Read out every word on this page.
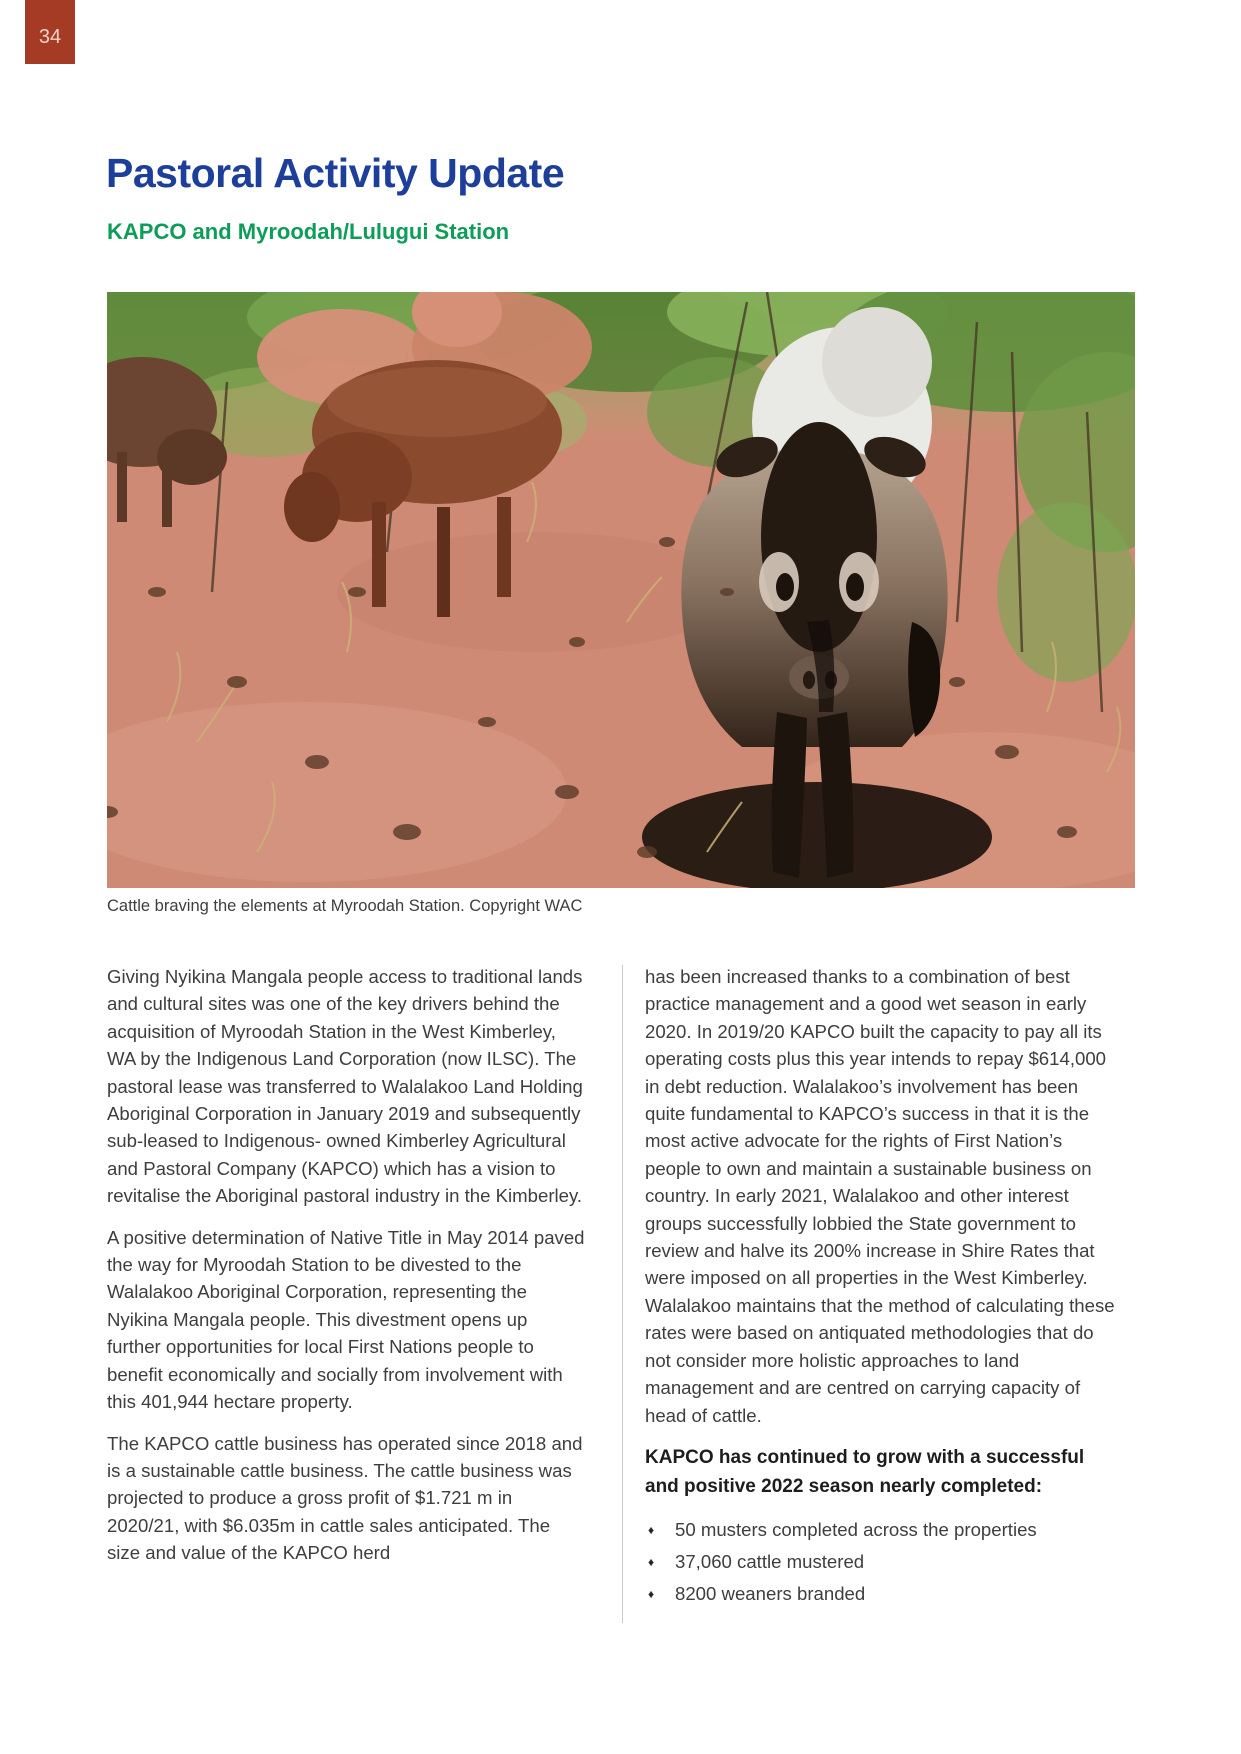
34
Pastoral Activity Update
KAPCO and Myroodah/Lulugui Station
Cattle braving the elements at Myroodah Station. Copyright WAC

Giving Nyikina Mangala people access to traditional lands and cultural sites was one of the key drivers behind the acquisition of Myroodah Station in the West Kimberley, WA by the Indigenous Land Corporation (now ILSC). The pastoral lease was transferred to Walalakoo Land Holding Aboriginal Corporation in January 2019 and subsequently sub-leased to Indigenous- owned Kimberley Agricultural and Pastoral Company (KAPCO) which has a vision to revitalise the Aboriginal pastoral industry in the Kimberley.

A positive determination of Native Title in May 2014 paved the way for Myroodah Station to be divested to the Walalakoo Aboriginal Corporation, representing the Nyikina Mangala people. This divestment opens up further opportunities for local First Nations people to benefit economically and socially from involvement with this 401,944 hectare property.

The KAPCO cattle business has operated since 2018 and is a sustainable cattle business. The cattle business was projected to produce a gross profit of $1.721 m in 2020/21, with $6.035m in cattle sales anticipated. The size and value of the KAPCO herd

has been increased thanks to a combination of best practice management and a good wet season in early 2020. In 2019/20 KAPCO built the capacity to pay all its operating costs plus this year intends to repay $614,000 in debt reduction. Walalakoo’s involvement has been quite fundamental to KAPCO’s success in that it is the most active advocate for the rights of First Nation’s people to own and maintain a sustainable business on country. In early 2021, Walalakoo and other interest groups successfully lobbied the State government to review and halve its 200% increase in Shire Rates that were imposed on all properties in the West Kimberley. Walalakoo maintains that the method of calculating these rates were based on antiquated methodologies that do not consider more holistic approaches to land management and are centred on carrying capacity of head of cattle.

KAPCO has continued to grow with a successful and positive 2022 season nearly completed:

♦ 50 musters completed across the properties
♦ 37,060 cattle mustered
♦ 8200 weaners branded
